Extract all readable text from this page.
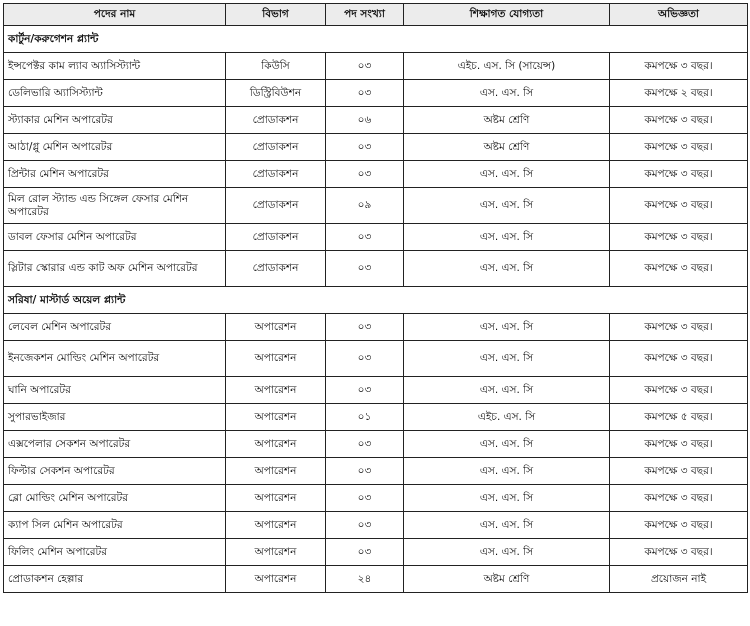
পদের নাম	বিভাগ	পদ সংখ্যা	শিক্ষাগত যোগ্যতা	অভিজ্ঞতা
কার্টুন/করুগেশন প্ল্যান্ট				
ইন্সপেক্টর কাম ল্যাব অ্যাসিস্ট্যান্ট	কিউসি	০৩	এইচ. এস. সি (সায়েন্স)	কমপক্ষে ৩ বছর।
ডেলিভারি অ্যাসিস্ট্যান্ট	ডিস্ট্রিবিউশন	০৩	এস. এস. সি	কমপক্ষে ২ বছর।
স্ট্যাকার মেশিন অপারেটর	প্রোডাকশন	০৬	অষ্টম শ্রেণি	কমপক্ষে ৩ বছর।
আঠা/গ্লু মেশিন অপারেটর	প্রোডাকশন	০৩	অষ্টম শ্রেণি	কমপক্ষে ৩ বছর।
প্রিন্টার মেশিন অপারেটর	প্রোডাকশন	০৩	এস. এস. সি	কমপক্ষে ৩ বছর।
মিল রোল স্ট্যান্ড এন্ড সিঙ্গেল ফেসার মেশিন অপারেটর	প্রোডাকশন	০৯	এস. এস. সি	কমপক্ষে ৩ বছর।
ডাবল ফেসার মেশিন অপারেটর	প্রোডাকশন	০৩	এস. এস. সি	কমপক্ষে ৩ বছর।
স্লিটার স্কোরার এন্ড কাট অফ মেশিন অপারেটর	প্রোডাকশন	০৩	এস. এস. সি	কমপক্ষে ৩ বছর।
সরিষা/ মাস্টার্ড অয়েল প্ল্যান্ট				
লেবেল মেশিন অপারেটর	অপারেশন	০৩	এস. এস. সি	কমপক্ষে ৩ বছর।
ইনজেকশন মোল্ডিং মেশিন অপারেটর	অপারেশন	০৩	এস. এস. সি	কমপক্ষে ৩ বছর।
ঘানি অপারেটর	অপারেশন	০৩	এস. এস. সি	কমপক্ষে ৩ বছর।
সুপারভাইজার	অপারেশন	০১	এইচ. এস. সি	কমপক্ষে ৫ বছর।
এক্সপেলার সেকশন অপারেটর	অপারেশন	০৩	এস. এস. সি	কমপক্ষে ৩ বছর।
ফিল্টার সেকশন অপারেটর	অপারেশন	০৩	এস. এস. সি	কমপক্ষে ৩ বছর।
ব্লো মোল্ডিং মেশিন অপারেটর	অপারেশন	০৩	এস. এস. সি	কমপক্ষে ৩ বছর।
ক্যাপ সিল মেশিন অপারেটর	অপারেশন	০৩	এস. এস. সি	কমপক্ষে ৩ বছর।
ফিলিং মেশিন অপারেটর	অপারেশন	০৩	এস. এস. সি	কমপক্ষে ৩ বছর।
প্রোডাকশন হেল্পার	অপারেশন	২৪	অষ্টম শ্রেণি	প্রয়োজন নাই
